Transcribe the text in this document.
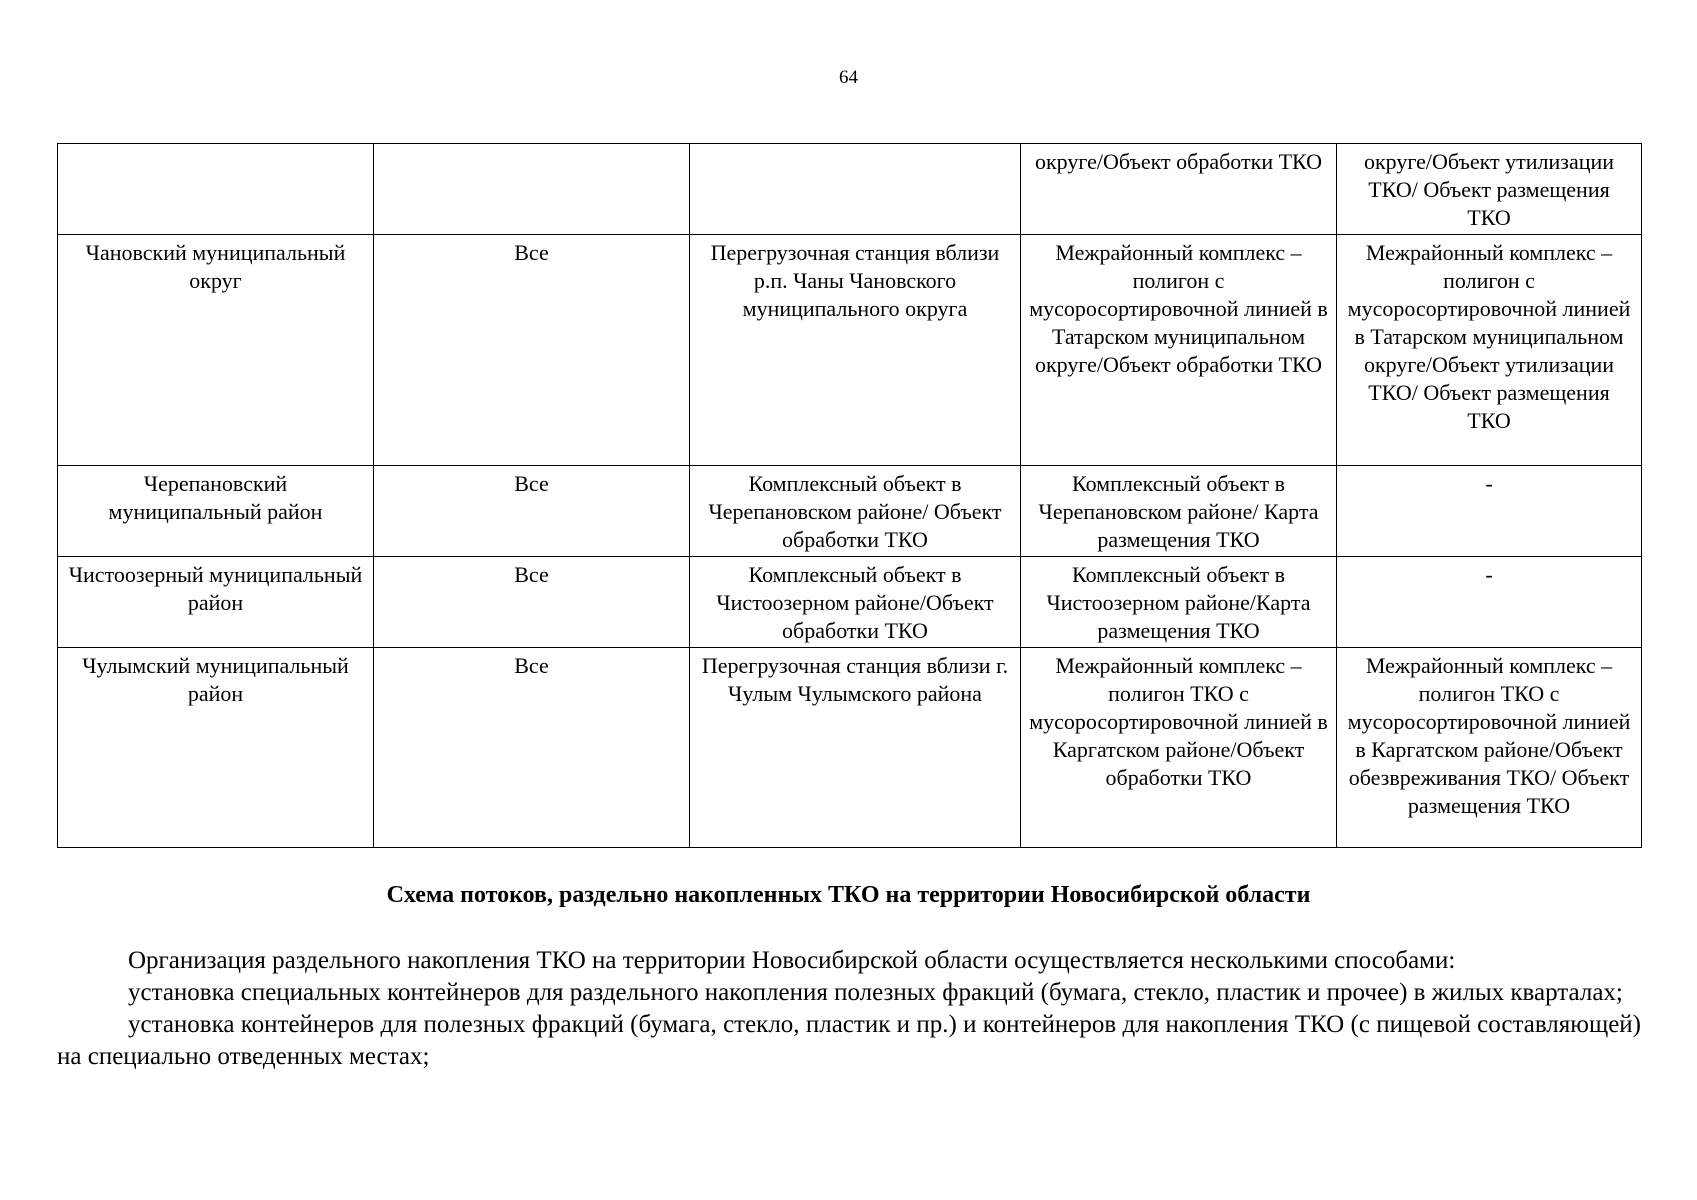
64
			округе/Объект обработки ТКО	округе/Объект утилизации ТКО/ Объект размещения ТКО
Чановский муниципальный округ	Все	Перегрузочная станция вблизи р.п. Чаны Чановского муниципального округа	Межрайонный комплекс – полигон с мусоросортировочной линией в Татарском муниципальном округе/Объект обработки ТКО	Межрайонный комплекс – полигон с мусоросортировочной линией в Татарском муниципальном округе/Объект утилизации ТКО/ Объект размещения ТКО
Черепановский муниципальный район	Все	Комплексный объект в Черепановском районе/ Объект обработки ТКО	Комплексный объект в Черепановском районе/ Карта размещения ТКО	-
Чистоозерный муниципальный район	Все	Комплексный объект в Чистоозерном районе/Объект обработки ТКО	Комплексный объект в Чистоозерном районе/Карта размещения ТКО	-
Чулымский муниципальный район	Все	Перегрузочная станция вблизи г. Чулым Чулымского района	Межрайонный комплекс – полигон ТКО с мусоросортировочной линией в Каргатском районе/Объект обработки ТКО	Межрайонный комплекс – полигон ТКО с мусоросортировочной линией в Каргатском районе/Объект обезвреживания ТКО/ Объект размещения ТКО
Схема потоков, раздельно накопленных ТКО на территории Новосибирской области

Организация раздельного накопления ТКО на территории Новосибирской области осуществляется несколькими способами:

установка специальных контейнеров для раздельного накопления полезных фракций (бумага, стекло, пластик и прочее) в жилых кварталах;

установка контейнеров для полезных фракций (бумага, стекло, пластик и пр.) и контейнеров для накопления ТКО (с пищевой составляющей) на специально отведенных местах;
